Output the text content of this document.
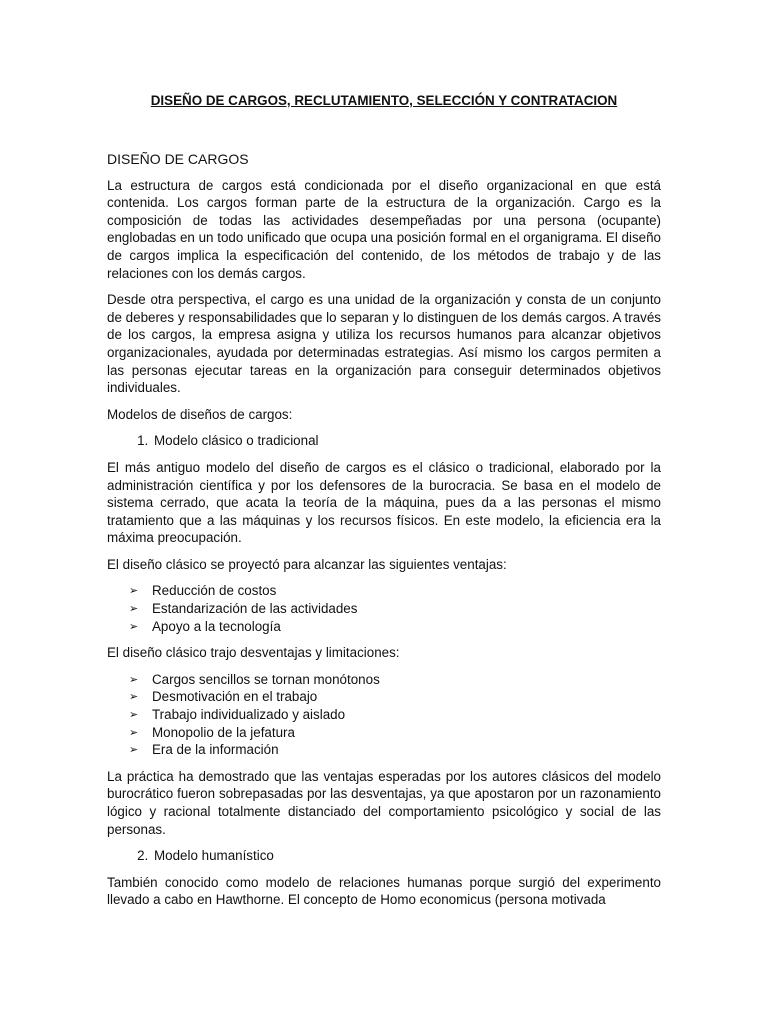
DISEÑO DE CARGOS, RECLUTAMIENTO, SELECCIÓN Y CONTRATACION
DISEÑO DE CARGOS

La estructura de cargos está condicionada por el diseño organizacional en que está contenida. Los cargos forman parte de la estructura de la organización. Cargo es la composición de todas las actividades desempeñadas por una persona (ocupante) englobadas en un todo unificado que ocupa una posición formal en el organigrama. El diseño de cargos implica la especificación del contenido, de los métodos de trabajo y de las relaciones con los demás cargos.

Desde otra perspectiva, el cargo es una unidad de la organización y consta de un conjunto de deberes y responsabilidades que lo separan y lo distinguen de los demás cargos. A través de los cargos, la empresa asigna y utiliza los recursos humanos para alcanzar objetivos organizacionales, ayudada por determinadas estrategias. Así mismo los cargos permiten a las personas ejecutar tareas en la organización para conseguir determinados objetivos individuales.

Modelos de diseños de cargos:

1. Modelo clásico o tradicional

El más antiguo modelo del diseño de cargos es el clásico o tradicional, elaborado por la administración científica y por los defensores de la burocracia. Se basa en el modelo de sistema cerrado, que acata la teoría de la máquina, pues da a las personas el mismo tratamiento que a las máquinas y los recursos físicos. En este modelo, la eficiencia era la máxima preocupación.

El diseño clásico se proyectó para alcanzar las siguientes ventajas:

➢	Reducción de costos
➢	Estandarización de las actividades
➢	Apoyo a la tecnología

El diseño clásico trajo desventajas y limitaciones:

➢	Cargos sencillos se tornan monótonos
➢	Desmotivación en el trabajo
➢	Trabajo individualizado y aislado
➢	Monopolio de la jefatura
➢	Era de la información

La práctica ha demostrado que las ventajas esperadas por los autores clásicos del modelo burocrático fueron sobrepasadas por las desventajas, ya que apostaron por un razonamiento lógico y racional totalmente distanciado del comportamiento psicológico y social de las personas.

2. Modelo humanístico

También conocido como modelo de relaciones humanas porque surgió del experimento llevado a cabo en Hawthorne. El concepto de Homo economicus (persona motivada
